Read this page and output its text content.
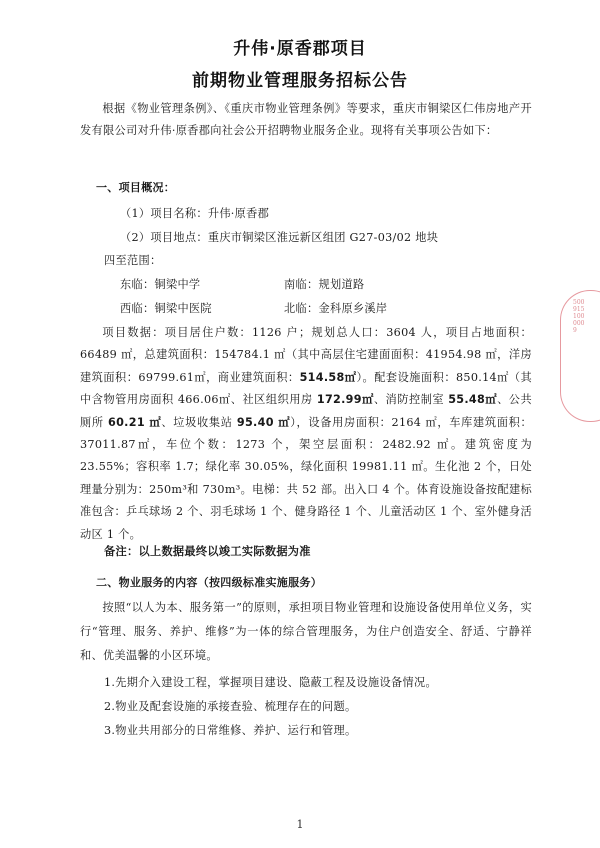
升伟·原香郡项目
前期物业管理服务招标公告
根据《物业管理条例》、《重庆市物业管理条例》等要求，重庆市铜梁区仁伟房地产开发有限公司对升伟·原香郡向社会公开招聘物业服务企业。现将有关事项公告如下：
一、项目概况：
（1）项目名称：升伟·原香郡
（2）项目地点：重庆市铜梁区淮远新区组团 G27-03/02 地块
四至范围：
东临：铜梁中学	南临：规划道路
西临：铜梁中医院	北临：金科原乡溪岸
项目数据：项目居住户数：1126 户；规划总人口：3604 人，项目占地面积：66489 ㎡，总建筑面积：154784.1 ㎡（其中高层住宅建面面积：41954.98 ㎡，洋房建筑面积：69799.61㎡，商业建筑面积：514.58㎡）。配套设施面积：850.14㎡（其中含物管用房面积 466.06㎡、社区组织用房 172.99㎡、消防控制室 55.48㎡、公共厕所 60.21 ㎡、垃圾收集站 95.40 ㎡），设备用房面积：2164 ㎡，车库建筑面积：37011.87㎡，车位个数：1273 个，架空层面积：2482.92 ㎡。建筑密度为 23.55%；容积率 1.7；绿化率 30.05%，绿化面积 19981.11 ㎡。生化池 2 个，日处理量分别为：250m³和 730m³。电梯：共 52 部。出入口 4 个。体育设施设备按配建标准包含：乒乓球场 2 个、羽毛球场 1 个、健身路径 1 个、儿童活动区 1 个、室外健身活动区 1 个。
备注：以上数据最终以竣工实际数据为准
二、物业服务的内容（按四级标准实施服务）
按照“以人为本、服务第一”的原则，承担项目物业管理和设施设备使用单位义务，实行“管理、服务、养护、维修”为一体的综合管理服务，为住户创造安全、舒适、宁静祥和、优美温馨的小区环境。
1.先期介入建设工程，掌握项目建设、隐蔽工程及设施设备情况。
2.物业及配套设施的承接查验、梳理存在的问题。
3.物业共用部分的日常维修、养护、运行和管理。
1
5009151000009
